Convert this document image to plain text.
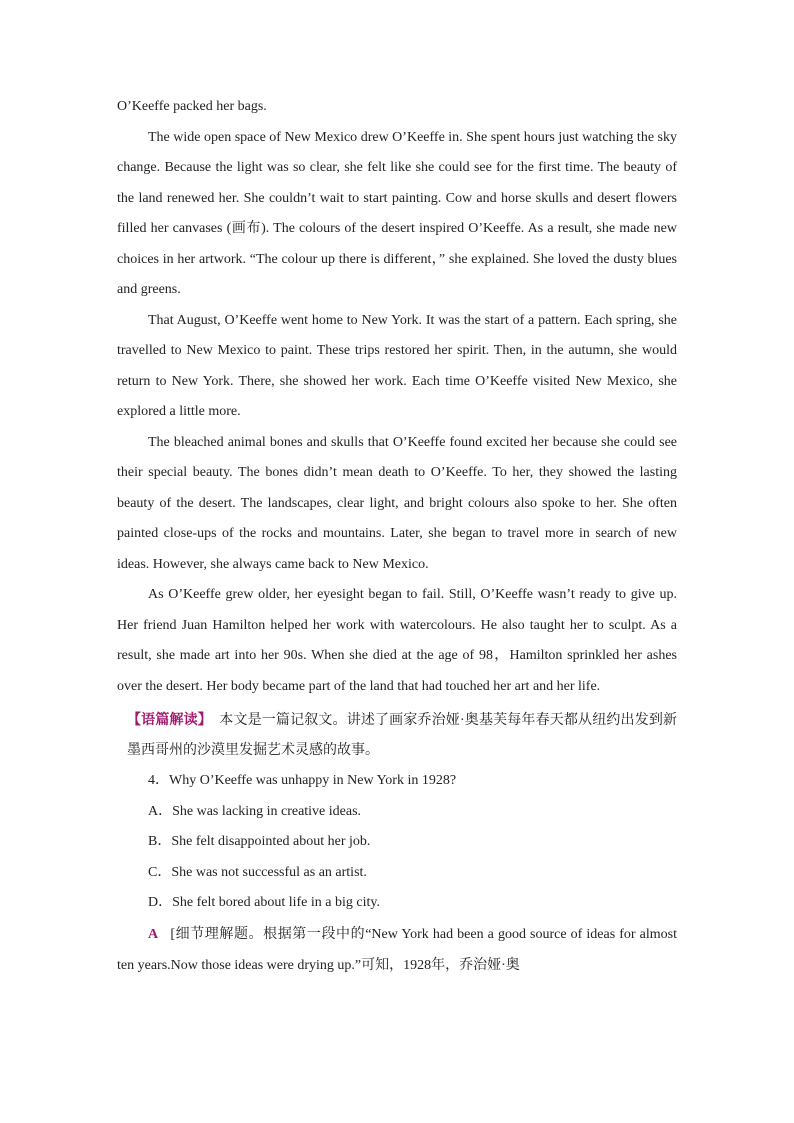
O’Keeffe packed her bags.

The wide open space of New Mexico drew O’Keeffe in. She spent hours just watching the sky change. Because the light was so clear, she felt like she could see for the first time. The beauty of the land renewed her. She couldn’t wait to start painting. Cow and horse skulls and desert flowers filled her canvases (画布). The colours of the desert inspired O’Keeffe. As a result, she made new choices in her artwork. “The colour up there is different，” she explained. She loved the dusty blues and greens.

That August, O’Keeffe went home to New York. It was the start of a pattern. Each spring, she travelled to New Mexico to paint. These trips restored her spirit. Then, in the autumn, she would return to New York. There, she showed her work. Each time O’Keeffe visited New Mexico, she explored a little more.

The bleached animal bones and skulls that O’Keeffe found excited her because she could see their special beauty. The bones didn’t mean death to O’Keeffe. To her, they showed the lasting beauty of the desert. The landscapes, clear light, and bright colours also spoke to her. She often painted close-ups of the rocks and mountains. Later, she began to travel more in search of new ideas. However, she always came back to New Mexico.

As O’Keeffe grew older, her eyesight began to fail. Still, O’Keeffe wasn’t ready to give up. Her friend Juan Hamilton helped her work with watercolours. He also taught her to sculpt. As a result, she made art into her 90s. When she died at the age of 98，Hamilton sprinkled her ashes over the desert. Her body became part of the land that had touched her art and her life.

【语篇解读】 本文是一篇记叙文。讲述了画家乔治娅·奥基芙每年春天都从纽约出发到新墨西哥州的沙漠里发掘艺术灵感的故事。

4．Why O’Keeffe was unhappy in New York in 1928?

A．She was lacking in creative ideas.

B．She felt disappointed about her job.

C．She was not successful as an artist.

D．She felt bored about life in a big city.

A [细节理解题。根据第一段中的“New York had been a good source of ideas for almost ten years.Now those ideas were drying up.”可知，1928年，乔治娅·奥
